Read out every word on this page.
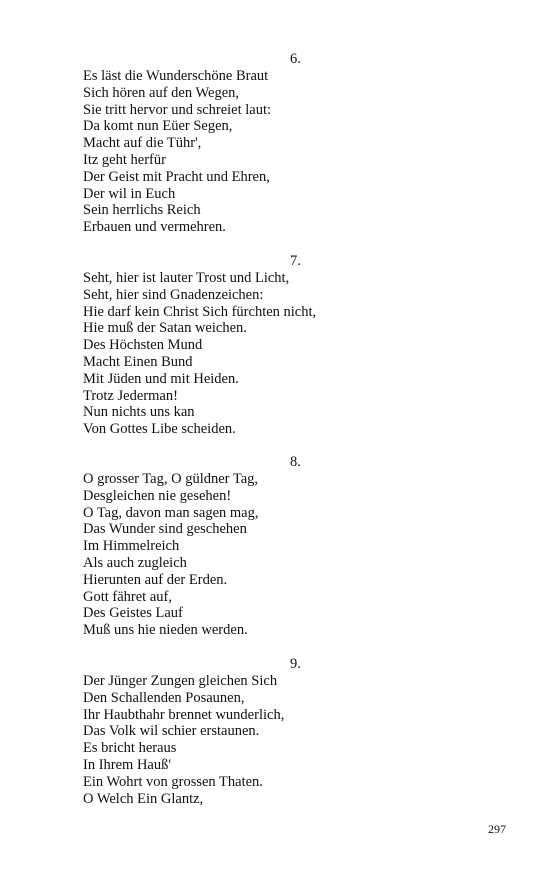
6.
Es läst die Wunderschöne Braut
Sich hören auf den Wegen,
Sie tritt hervor und schreiet laut:
Da komt nun Eüer Segen,
Macht auf die Tühr',
Itz geht herfür
Der Geist mit Pracht und Ehren,
Der wil in Euch
Sein herrlichs Reich
Erbauen und vermehren.
7.
Seht, hier ist lauter Trost und Licht,
Seht, hier sind Gnadenzeichen:
Hie darf kein Christ Sich fürchten nicht,
Hie muß der Satan weichen.
Des Höchsten Mund
Macht Einen Bund
Mit Jüden und mit Heiden.
Trotz Jederman!
Nun nichts uns kan
Von Gottes Libe scheiden.
8.
O grosser Tag, O güldner Tag,
Desgleichen nie gesehen!
O Tag, davon man sagen mag,
Das Wunder sind geschehen
Im Himmelreich
Als auch zugleich
Hierunten auf der Erden.
Gott fähret auf,
Des Geistes Lauf
Muß uns hie nieden werden.
9.
Der Jünger Zungen gleichen Sich
Den Schallenden Posaunen,
Ihr Haubthahr brennet wunderlich,
Das Volk wil schier erstaunen.
Es bricht heraus
In Ihrem Hauß'
Ein Wohrt von grossen Thaten.
O Welch Ein Glantz,
297
